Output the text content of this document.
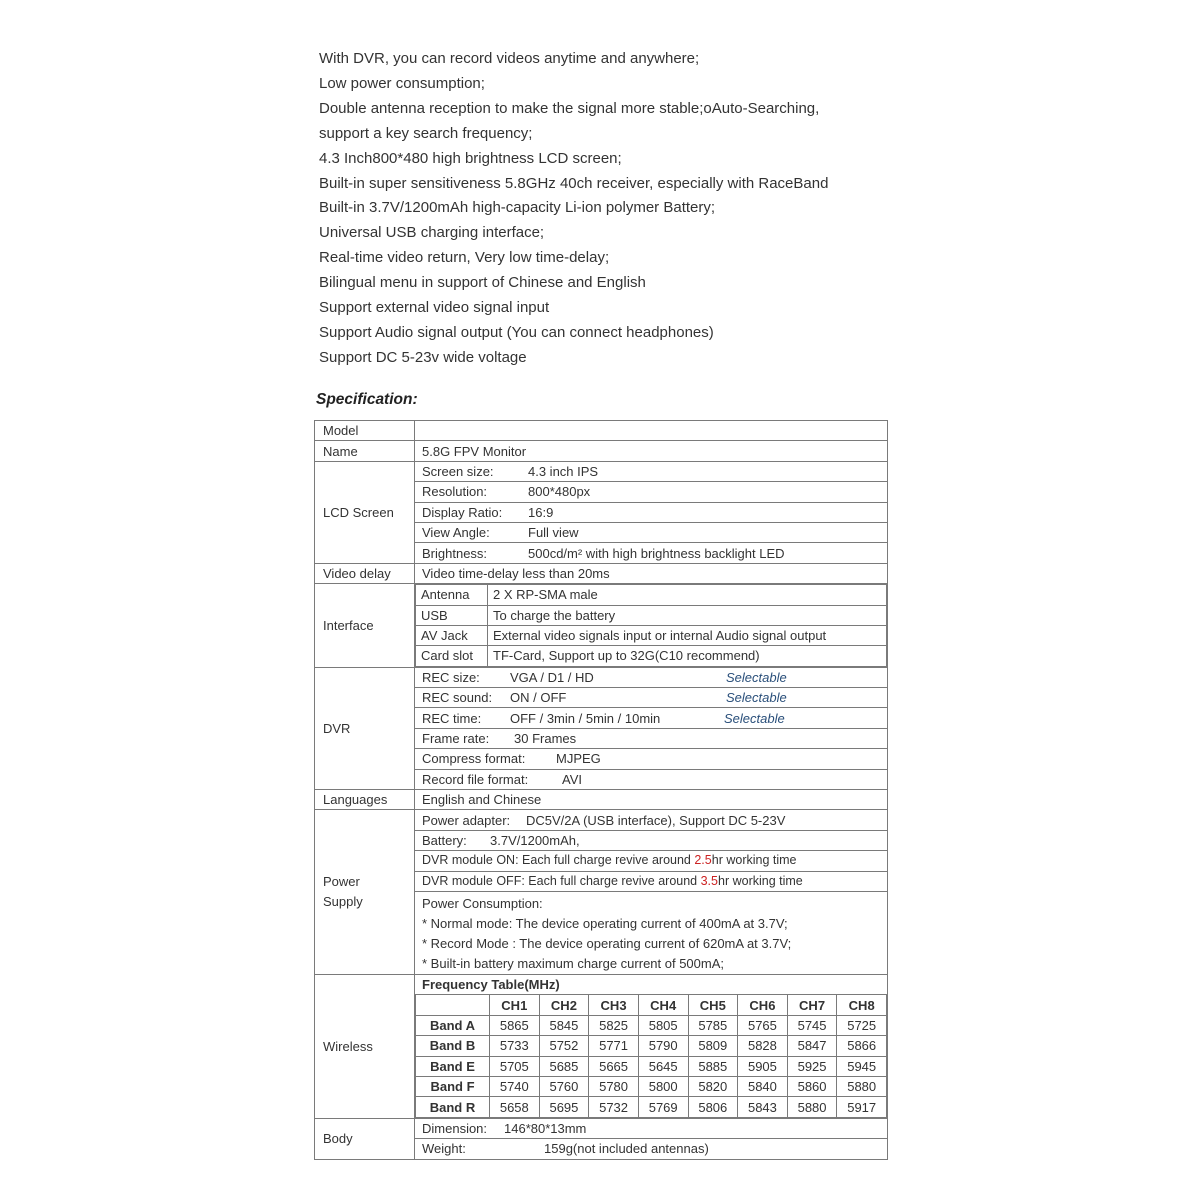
With DVR, you can record videos anytime and anywhere;
Low power consumption;
Double antenna reception to make the signal more stable;oAuto-Searching,
support a key search frequency;
4.3 Inch800*480 high brightness LCD screen;
Built-in super sensitiveness 5.8GHz 40ch receiver, especially with RaceBand
Built-in 3.7V/1200mAh high-capacity Li-ion polymer Battery;
Universal USB charging interface;
Real-time video return, Very low time-delay;
Bilingual menu in support of Chinese and English
Support external video signal input
Support Audio signal output (You can connect headphones)
Support DC 5-23v wide voltage
Specification:
Model	
Name	5.8G FPV Monitor
LCD Screen	Screen size:	4.3 inch IPS
Resolution:	800*480px
Display Ratio: 16:9
View Angle:	Full view
Brightness:	500cd/m² with high brightness backlight LED
Video delay	Video time-delay less than 20ms
Interface	
Antenna	2 X RP-SMA male
USB	To charge the battery
AV Jack	External video signals input or internal Audio signal output
Card slot	TF-Card, Support up to 32G(C10 recommend)

DVR	REC size: VGA / D1 / HD	Selectable
REC sound: ON / OFF	Selectable
REC time: OFF / 3min / 5min / 10min	Selectable
Frame rate: 30 Frames
Compress format: MJPEG
Record file format:	AVI
Languages	English and Chinese

Power
Supply
	Power adapter: DC5V/2A (USB interface), Support DC 5-23V
Battery: 3.7V/1200mAh,
DVR module ON: Each full charge revive around 2.5hr working time
DVR module OFF: Each full charge revive around 3.5hr working time

Power Consumption:
* Normal mode: The device operating current of 400mA at 3.7V;
* Record Mode : The device operating current of 620mA at 3.7V;
* Built-in battery maximum charge current of 500mA;

Wireless	
Frequency Table(MHz)
	CH1	CH2	CH3	CH4	CH5	CH6	CH7	CH8
Band A	5865	5845	5825	5805	5785	5765	5745	5725
Band B	5733	5752	5771	5790	5809	5828	5847	5866
Band E	5705	5685	5665	5645	5885	5905	5925	5945
Band F	5740	5760	5780	5800	5820	5840	5860	5880
Band R	5658	5695	5732	5769	5806	5843	5880	5917

Body	Dimension: 146*80*13mm
Weight:	159g(not included antennas)
